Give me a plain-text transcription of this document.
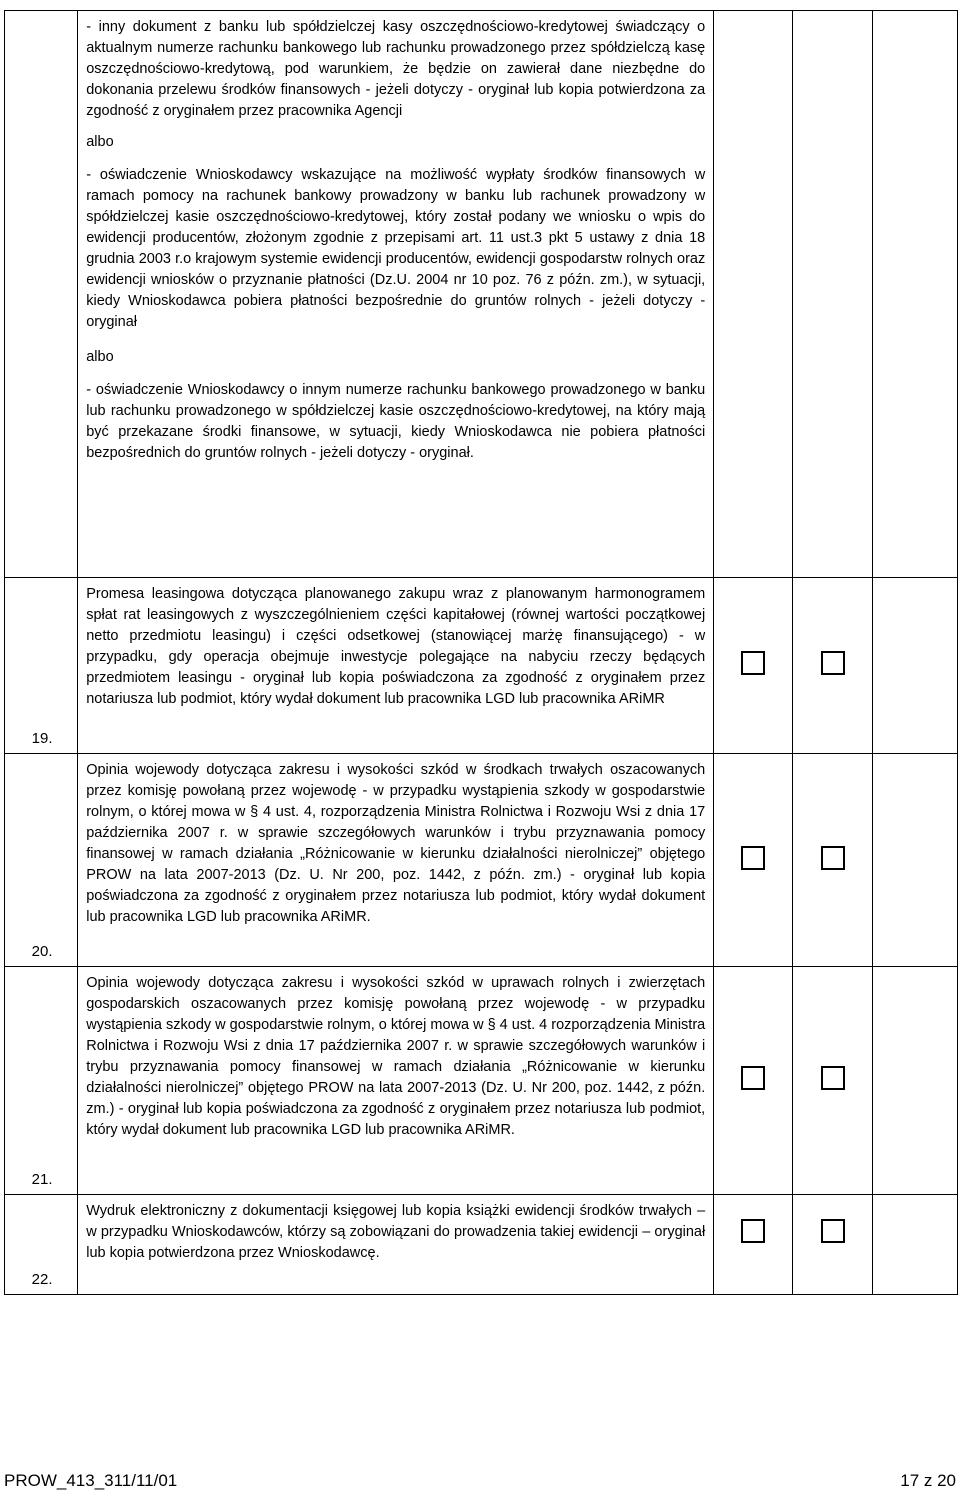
	- inny dokument z banku lub spółdzielczej kasy oszczędnościowo-kredytowej świadczący o aktualnym numerze rachunku bankowego lub rachunku prowadzonego przez spółdzielczą kasę oszczędnościowo-kredytową, pod warunkiem, że będzie on zawierał dane niezbędne do dokonania przelewu środków finansowych - jeżeli dotyczy - oryginał lub kopia potwierdzona za zgodność z oryginałem przez pracownika Agencji

albo

- oświadczenie Wnioskodawcy wskazujące na możliwość wypłaty środków finansowych w ramach pomocy na rachunek bankowy prowadzony w banku lub rachunek prowadzony w spółdzielczej kasie oszczędnościowo-kredytowej, który został podany we wniosku o wpis do ewidencji producentów, złożonym zgodnie z przepisami art. 11 ust.3 pkt 5 ustawy z dnia 18 grudnia 2003 r.o krajowym systemie ewidencji producentów, ewidencji gospodarstw rolnych oraz ewidencji wniosków o przyznanie płatności (Dz.U. 2004 nr 10 poz. 76 z późn. zm.), w sytuacji, kiedy Wnioskodawca pobiera płatności bezpośrednie do gruntów rolnych - jeżeli dotyczy - oryginał

albo

- oświadczenie Wnioskodawcy o innym numerze rachunku bankowego prowadzonego w banku lub rachunku prowadzonego w spółdzielczej kasie oszczędnościowo-kredytowej, na który mają być przekazane środki finansowe, w sytuacji, kiedy Wnioskodawca nie pobiera płatności bezpośrednich do gruntów rolnych - jeżeli dotyczy - oryginał.			

19.	Promesa leasingowa dotycząca planowanego zakupu wraz z planowanym harmonogramem spłat rat leasingowych z wyszczególnieniem części kapitałowej (równej wartości początkowej netto przedmiotu leasingu) i części odsetkowej (stanowiącej marżę finansującego) - w przypadku, gdy operacja obejmuje inwestycje polegające na nabyciu rzeczy będących przedmiotem leasingu - oryginał lub kopia poświadczona za zgodność z oryginałem przez notariusza lub podmiot, który wydał dokument lub pracownika LGD lub pracownika ARiMR			

20.	Opinia wojewody dotycząca zakresu i wysokości szkód w środkach trwałych oszacowanych przez komisję powołaną przez wojewodę - w przypadku wystąpienia szkody w gospodarstwie rolnym, o której mowa w § 4 ust. 4, rozporządzenia Ministra Rolnictwa i Rozwoju Wsi z dnia 17 października 2007 r. w sprawie szczegółowych warunków i trybu przyznawania pomocy finansowej w ramach działania „Różnicowanie w kierunku działalności nierolniczej” objętego PROW na lata 2007-2013 (Dz. U. Nr 200, poz. 1442, z późn. zm.) - oryginał lub kopia poświadczona za zgodność z oryginałem przez notariusza lub podmiot, który wydał dokument lub pracownika LGD lub pracownika ARiMR.			

21.	Opinia wojewody dotycząca zakresu i wysokości szkód w uprawach rolnych i zwierzętach gospodarskich oszacowanych przez komisję powołaną przez wojewodę - w przypadku wystąpienia szkody w gospodarstwie rolnym, o której mowa w § 4 ust. 4 rozporządzenia Ministra Rolnictwa i Rozwoju Wsi z dnia 17 października 2007 r. w sprawie szczegółowych warunków i trybu przyznawania pomocy finansowej w ramach działania „Różnicowanie w kierunku działalności nierolniczej” objętego PROW na lata 2007-2013 (Dz. U. Nr 200, poz. 1442, z późn. zm.) - oryginał lub kopia poświadczona za zgodność z oryginałem przez notariusza lub podmiot, który wydał dokument lub pracownika LGD lub pracownika ARiMR.			

22.	Wydruk elektroniczny z dokumentacji księgowej lub kopia książki ewidencji środków trwałych – w przypadku Wnioskodawców, którzy są zobowiązani do prowadzenia takiej ewidencji – oryginał lub kopia potwierdzona przez Wnioskodawcę.			

PROW_413_311/11/01	17 z 20
